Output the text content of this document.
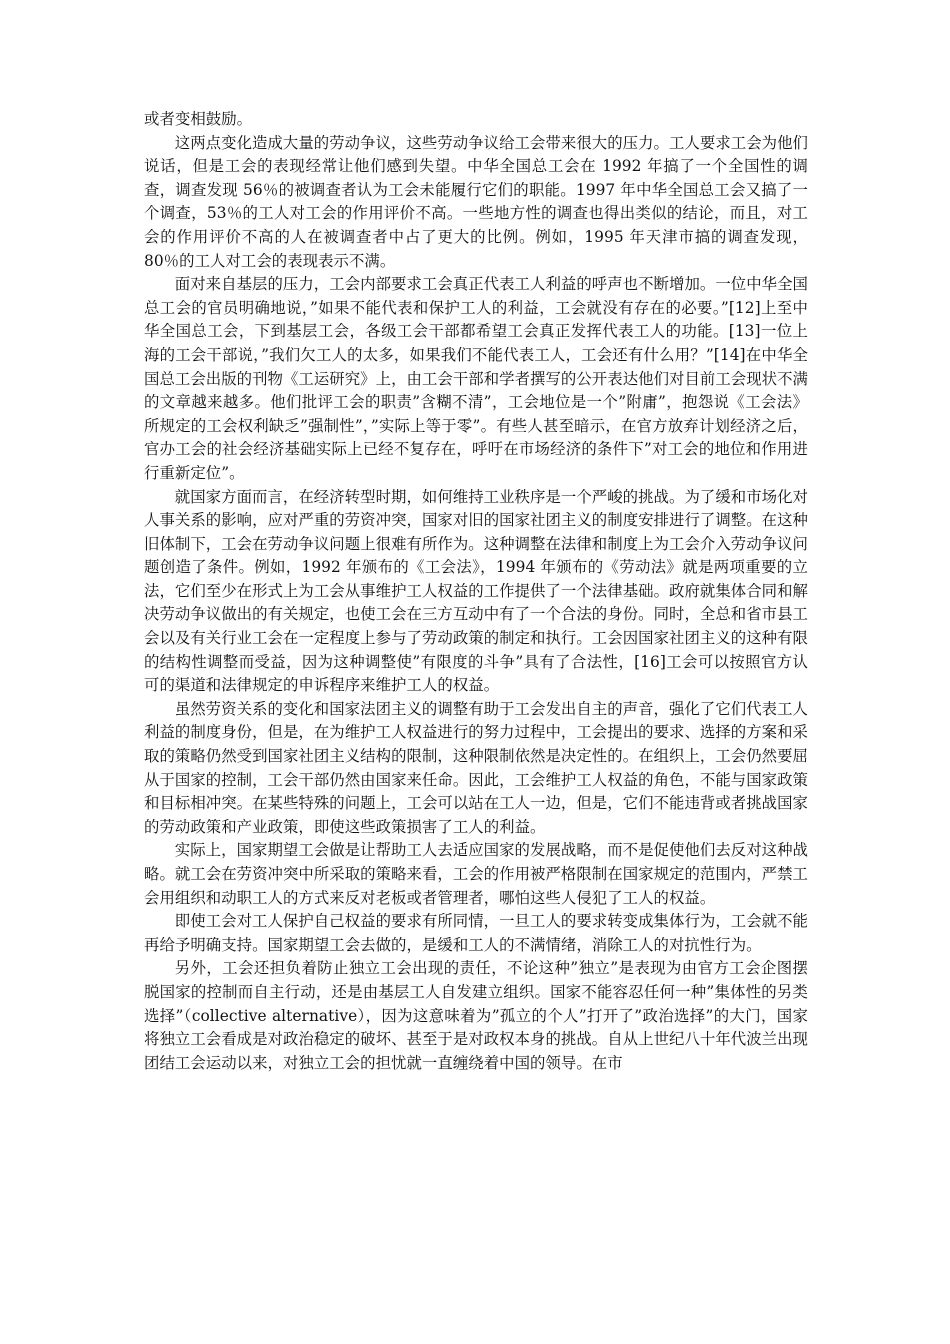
或者变相鼓励。

这两点变化造成大量的劳动争议，这些劳动争议给工会带来很大的压力。工人要求工会为他们说话，但是工会的表现经常让他们感到失望。中华全国总工会在 1992 年搞了一个全国性的调查，调查发现 56％的被调查者认为工会未能履行它们的职能。1997 年中华全国总工会又搞了一个调查，53％的工人对工会的作用评价不高。一些地方性的调查也得出类似的结论，而且，对工会的作用评价不高的人在被调查者中占了更大的比例。例如，1995 年天津市搞的调查发现，80％的工人对工会的表现表示不满。

面对来自基层的压力，工会内部要求工会真正代表工人利益的呼声也不断增加。一位中华全国总工会的官员明确地说，”如果不能代表和保护工人的利益，工会就没有存在的必要。”[12]上至中华全国总工会，下到基层工会，各级工会干部都希望工会真正发挥代表工人的功能。[13]一位上海的工会干部说，”我们欠工人的太多，如果我们不能代表工人，工会还有什么用？”[14]在中华全国总工会出版的刊物《工运研究》上，由工会干部和学者撰写的公开表达他们对目前工会现状不满的文章越来越多。他们批评工会的职责”含糊不清”，工会地位是一个”附庸”，抱怨说《工会法》所规定的工会权利缺乏”强制性”，”实际上等于零”。有些人甚至暗示，在官方放弃计划经济之后，官办工会的社会经济基础实际上已经不复存在，呼吁在市场经济的条件下”对工会的地位和作用进行重新定位”。

就国家方面而言，在经济转型时期，如何维持工业秩序是一个严峻的挑战。为了缓和市场化对人事关系的影响，应对严重的劳资冲突，国家对旧的国家社团主义的制度安排进行了调整。在这种旧体制下，工会在劳动争议问题上很难有所作为。这种调整在法律和制度上为工会介入劳动争议问题创造了条件。例如，1992 年颁布的《工会法》，1994 年颁布的《劳动法》就是两项重要的立法，它们至少在形式上为工会从事维护工人权益的工作提供了一个法律基础。政府就集体合同和解决劳动争议做出的有关规定，也使工会在三方互动中有了一个合法的身份。同时，全总和省市县工会以及有关行业工会在一定程度上参与了劳动政策的制定和执行。工会因国家社团主义的这种有限的结构性调整而受益，因为这种调整使”有限度的斗争”具有了合法性，[16]工会可以按照官方认可的渠道和法律规定的申诉程序来维护工人的权益。

虽然劳资关系的变化和国家法团主义的调整有助于工会发出自主的声音，强化了它们代表工人利益的制度身份，但是，在为维护工人权益进行的努力过程中，工会提出的要求、选择的方案和采取的策略仍然受到国家社团主义结构的限制，这种限制依然是决定性的。在组织上，工会仍然要屈从于国家的控制，工会干部仍然由国家来任命。因此，工会维护工人权益的角色，不能与国家政策和目标相冲突。在某些特殊的问题上，工会可以站在工人一边，但是，它们不能违背或者挑战国家的劳动政策和产业政策，即使这些政策损害了工人的利益。

实际上，国家期望工会做是让帮助工人去适应国家的发展战略，而不是促使他们去反对这种战略。就工会在劳资冲突中所采取的策略来看，工会的作用被严格限制在国家规定的范围内，严禁工会用组织和动职工人的方式来反对老板或者管理者，哪怕这些人侵犯了工人的权益。

即使工会对工人保护自己权益的要求有所同情，一旦工人的要求转变成集体行为，工会就不能再给予明确支持。国家期望工会去做的，是缓和工人的不满情绪，消除工人的对抗性行为。

另外，工会还担负着防止独立工会出现的责任，不论这种”独立”是表现为由官方工会企图摆脱国家的控制而自主行动，还是由基层工人自发建立组织。国家不能容忍任何一种”集体性的另类选择”（collective alternative），因为这意味着为”孤立的个人”打开了”政治选择”的大门，国家将独立工会看成是对政治稳定的破坏、甚至于是对政权本身的挑战。自从上世纪八十年代波兰出现团结工会运动以来，对独立工会的担忧就一直缠绕着中国的领导。在市
